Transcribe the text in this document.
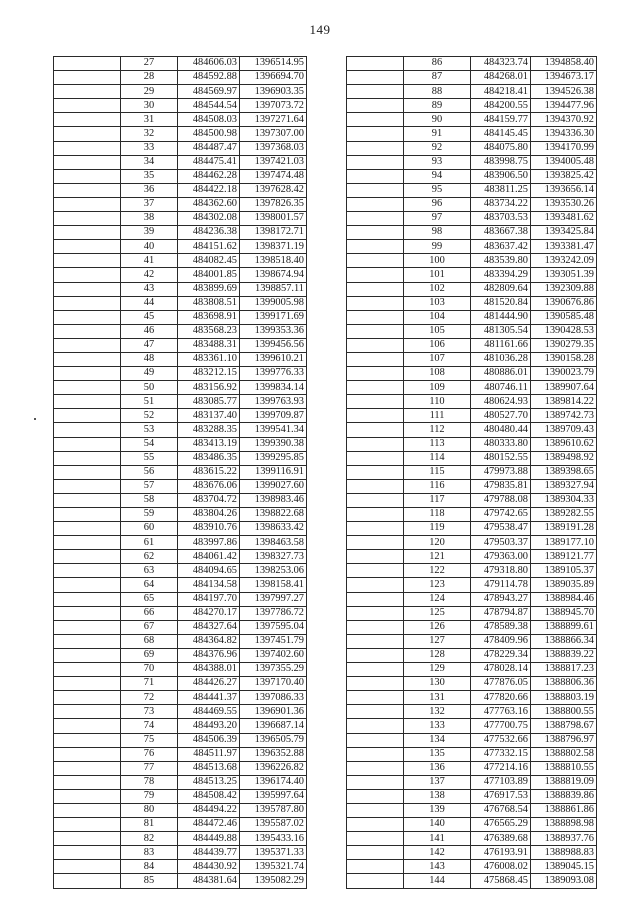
149
	27	484606.03	1396514.95
	28	484592.88	1396694.70
	29	484569.97	1396903.35
	30	484544.54	1397073.72
	31	484508.03	1397271.64
	32	484500.98	1397307.00
	33	484487.47	1397368.03
	34	484475.41	1397421.03
	35	484462.28	1397474.48
	36	484422.18	1397628.42
	37	484362.60	1397826.35
	38	484302.08	1398001.57
	39	484236.38	1398172.71
	40	484151.62	1398371.19
	41	484082.45	1398518.40
	42	484001.85	1398674.94
	43	483899.69	1398857.11
	44	483808.51	1399005.98
	45	483698.91	1399171.69
	46	483568.23	1399353.36
	47	483488.31	1399456.56
	48	483361.10	1399610.21
	49	483212.15	1399776.33
	50	483156.92	1399834.14
	51	483085.77	1399763.93
	52	483137.40	1399709.87
	53	483288.35	1399541.34
	54	483413.19	1399390.38
	55	483486.35	1399295.85
	56	483615.22	1399116.91
	57	483676.06	1399027.60
	58	483704.72	1398983.46
	59	483804.26	1398822.68
	60	483910.76	1398633.42
	61	483997.86	1398463.58
	62	484061.42	1398327.73
	63	484094.65	1398253.06
	64	484134.58	1398158.41
	65	484197.70	1397997.27
	66	484270.17	1397786.72
	67	484327.64	1397595.04
	68	484364.82	1397451.79
	69	484376.96	1397402.60
	70	484388.01	1397355.29
	71	484426.27	1397170.40
	72	484441.37	1397086.33
	73	484469.55	1396901.36
	74	484493.20	1396687.14
	75	484506.39	1396505.79
	76	484511.97	1396352.88
	77	484513.68	1396226.82
	78	484513.25	1396174.40
	79	484508.42	1395997.64
	80	484494.22	1395787.80
	81	484472.46	1395587.02
	82	484449.88	1395433.16
	83	484439.77	1395371.33
	84	484430.92	1395321.74
	85	484381.64	1395082.29
	86	484323.74	1394858.40
	87	484268.01	1394673.17
	88	484218.41	1394526.38
	89	484200.55	1394477.96
	90	484159.77	1394370.92
	91	484145.45	1394336.30
	92	484075.80	1394170.99
	93	483998.75	1394005.48
	94	483906.50	1393825.42
	95	483811.25	1393656.14
	96	483734.22	1393530.26
	97	483703.53	1393481.62
	98	483667.38	1393425.84
	99	483637.42	1393381.47
	100	483539.80	1393242.09
	101	483394.29	1393051.39
	102	482809.64	1392309.88
	103	481520.84	1390676.86
	104	481444.90	1390585.48
	105	481305.54	1390428.53
	106	481161.66	1390279.35
	107	481036.28	1390158.28
	108	480886.01	1390023.79
	109	480746.11	1389907.64
	110	480624.93	1389814.22
	111	480527.70	1389742.73
	112	480480.44	1389709.43
	113	480333.80	1389610.62
	114	480152.55	1389498.92
	115	479973.88	1389398.65
	116	479835.81	1389327.94
	117	479788.08	1389304.33
	118	479742.65	1389282.55
	119	479538.47	1389191.28
	120	479503.37	1389177.10
	121	479363.00	1389121.77
	122	479318.80	1389105.37
	123	479114.78	1389035.89
	124	478943.27	1388984.46
	125	478794.87	1388945.70
	126	478589.38	1388899.61
	127	478409.96	1388866.34
	128	478229.34	1388839.22
	129	478028.14	1388817.23
	130	477876.05	1388806.36
	131	477820.66	1388803.19
	132	477763.16	1388800.55
	133	477700.75	1388798.67
	134	477532.66	1388796.97
	135	477332.15	1388802.58
	136	477214.16	1388810.55
	137	477103.89	1388819.09
	138	476917.53	1388839.86
	139	476768.54	1388861.86
	140	476565.29	1388898.98
	141	476389.68	1388937.76
	142	476193.91	1388988.83
	143	476008.02	1389045.15
	144	475868.45	1389093.08
